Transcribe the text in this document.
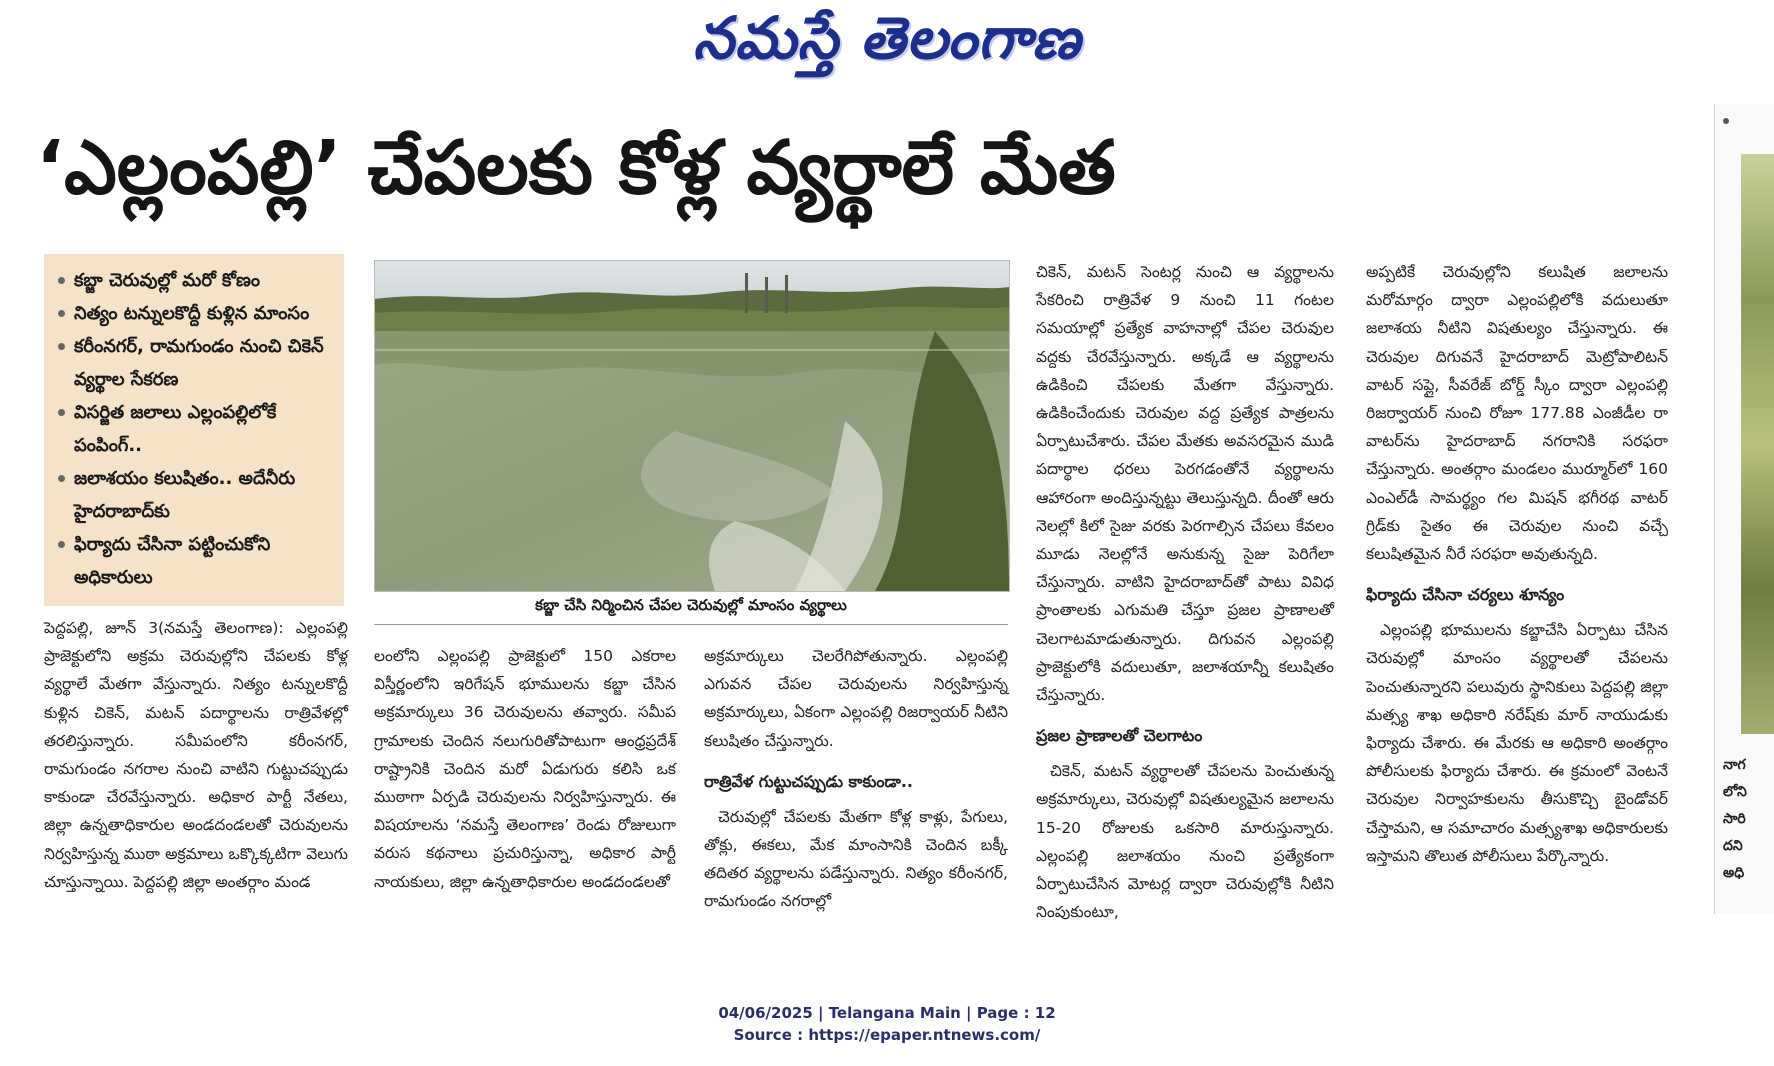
నమస్తే తెలంగాణ
‘ఎల్లంపల్లి’ చేపలకు కోళ్ల వ్యర్థాలే మేత
కబ్జా చెరువుల్లో మరో కోణం
నిత్యం టన్నులకొద్దీ కుళ్లిన మాంసం
కరీంనగర్, రామగుండం నుంచి చికెన్ వ్యర్థాల సేకరణ
విసర్జిత జలాలు ఎల్లంపల్లిలోకే పంపింగ్..
జలాశయం కలుషితం.. అదేనీరు హైదరాబాద్‌కు
ఫిర్యాదు చేసినా పట్టించుకోని అధికారులు
కబ్జా చేసి నిర్మించిన చేపల చెరువుల్లో మాంసం వ్యర్థాలు

పెద్దపల్లి, జూన్ 3(నమస్తే తెలంగాణ): ఎల్లంపల్లి ప్రాజెక్టులోని అక్రమ చెరువుల్లోని చేపలకు కోళ్ల వ్యర్థాలే మేతగా వేస్తున్నారు. నిత్యం టన్నులకొద్దీ కుళ్లిన చికెన్, మటన్ పదార్థాలను రాత్రివేళల్లో తరలిస్తున్నారు. సమీపంలోని కరీంనగర్, రామగుండం నగరాల నుంచి వాటిని గుట్టుచప్పుడు కాకుండా చేరవేస్తున్నారు. అధికార పార్టీ నేతలు, జిల్లా ఉన్నతాధికారుల అండదండలతో చెరువులను నిర్వహిస్తున్న ముఠా అక్రమాలు ఒక్కొక్కటిగా వెలుగు చూస్తున్నాయి. పెద్దపల్లి జిల్లా అంతర్గాం మండ

లంలోని ఎల్లంపల్లి ప్రాజెక్టులో 150 ఎకరాల విస్తీర్ణంలోని ఇరిగేషన్ భూములను కబ్జా చేసిన అక్రమార్కులు 36 చెరువులను తవ్వారు. సమీప గ్రామాలకు చెందిన నలుగురితోపాటుగా ఆంధ్రప్రదేశ్ రాష్ట్రానికి చెందిన మరో ఏడుగురు కలిసి ఒక ముఠాగా ఏర్పడి చెరువులను నిర్వహిస్తున్నారు. ఈ విషయాలను ‘నమస్తే తెలంగాణ’ రెండు రోజులుగా వరుస కథనాలు ప్రచురిస్తున్నా, అధికార పార్టీ నాయకులు, జిల్లా ఉన్నతాధికారుల అండదండలతో

అక్రమార్కులు చెలరేగిపోతున్నారు. ఎల్లంపల్లి ఎగువన చేపల చెరువులను నిర్వహిస్తున్న అక్రమార్కులు, ఏకంగా ఎల్లంపల్లి రిజర్వాయర్ నీటిని కలుషితం చేస్తున్నారు.

రాత్రివేళ గుట్టుచప్పుడు కాకుండా..

చెరువుల్లో చేపలకు మేతగా కోళ్ల కాళ్లు, పేగులు, తోక్లు, ఈకలు, మేక మాంసానికి చెందిన బక్కీ తదితర వ్యర్థాలను పడేస్తున్నారు. నిత్యం కరీంనగర్, రామగుండం నగరాల్లో

చికెన్, మటన్ సెంటర్ల నుంచి ఆ వ్యర్థాలను సేకరించి రాత్రివేళ 9 నుంచి 11 గంటల సమయాల్లో ప్రత్యేక వాహనాల్లో చేపల చెరువుల వద్దకు చేరవేస్తున్నారు. అక్కడే ఆ వ్యర్థాలను ఉడికించి చేపలకు మేతగా వేస్తున్నారు. ఉడికించేందుకు చెరువుల వద్ద ప్రత్యేక పాత్రలను ఏర్పాటుచేశారు. చేపల మేతకు అవసరమైన ముడి పదార్థాల ధరలు పెరగడంతోనే వ్యర్థాలను ఆహారంగా అందిస్తున్నట్టు తెలుస్తున్నది. దీంతో ఆరు నెలల్లో కిలో సైజు వరకు పెరగాల్సిన చేపలు కేవలం మూడు నెలల్లోనే అనుకున్న సైజు పెరిగేలా చేస్తున్నారు. వాటిని హైదరాబాద్‌తో పాటు వివిధ ప్రాంతాలకు ఎగుమతి చేస్తూ ప్రజల ప్రాణాలతో చెలగాటమాడుతున్నారు. దిగువన ఎల్లంపల్లి ప్రాజెక్టులోకి వదులుతూ, జలాశయాన్నీ కలుషితం చేస్తున్నారు.

ప్రజల ప్రాణాలతో చెలగాటం

చికెన్, మటన్ వ్యర్థాలతో చేపలను పెంచుతున్న అక్రమార్కులు, చెరువుల్లో విషతుల్యమైన జలాలను 15-20 రోజులకు ఒకసారి మారుస్తున్నారు. ఎల్లంపల్లి జలాశయం నుంచి ప్రత్యేకంగా ఏర్పాటుచేసిన మోటర్ల ద్వారా చెరువుల్లోకి నీటిని నింపుకుంటూ,

అప్పటికే చెరువుల్లోని కలుషిత జలాలను మరోమార్గం ద్వారా ఎల్లంపల్లిలోకి వదులుతూ జలాశయ నీటిని విషతుల్యం చేస్తున్నారు. ఈ చెరువుల దిగువనే హైదరాబాద్ మెట్రోపాలిటన్ వాటర్ సప్లై, సీవరేజ్ బోర్డ్ స్కీం ద్వారా ఎల్లంపల్లి రిజర్వాయర్ నుంచి రోజూ 177.88 ఎంజీడీల రా వాటర్‌ను హైదరాబాద్ నగరానికి సరఫరా చేస్తున్నారు. అంతర్గాం మండలం ముర్మూర్‌లో 160 ఎంఎల్‌డీ సామర్థ్యం గల మిషన్ భగీరథ వాటర్ గ్రిడ్‌కు సైతం ఈ చెరువుల నుంచి వచ్చే కలుషితమైన నీరే సరఫరా అవుతున్నది.

ఫిర్యాదు చేసినా చర్యలు శూన్యం

ఎల్లంపల్లి భూములను కబ్జాచేసి ఏర్పాటు చేసిన చెరువుల్లో మాంసం వ్యర్థాలతో చేపలను పెంచుతున్నారని పలువురు స్థానికులు పెద్దపల్లి జిల్లా మత్స్య శాఖ అధికారి నరేష్‌కు మార్ నాయుడుకు ఫిర్యాదు చేశారు. ఈ మేరకు ఆ అధికారి అంతర్గాం పోలీసులకు ఫిర్యాదు చేశారు. ఈ క్రమంలో వెంటనే చెరువుల నిర్వాహకులను తీసుకొచ్చి బైండోవర్ చేస్తామని, ఆ సమాచారం మత్స్యశాఖ అధికారులకు ఇస్తామని తొలుత పోలీసులు పేర్కొన్నారు.

నాగ
లోని
సారి
దని
అధి
04/06/2025 | Telangana Main | Page : 12
Source : https://epaper.ntnews.com/
